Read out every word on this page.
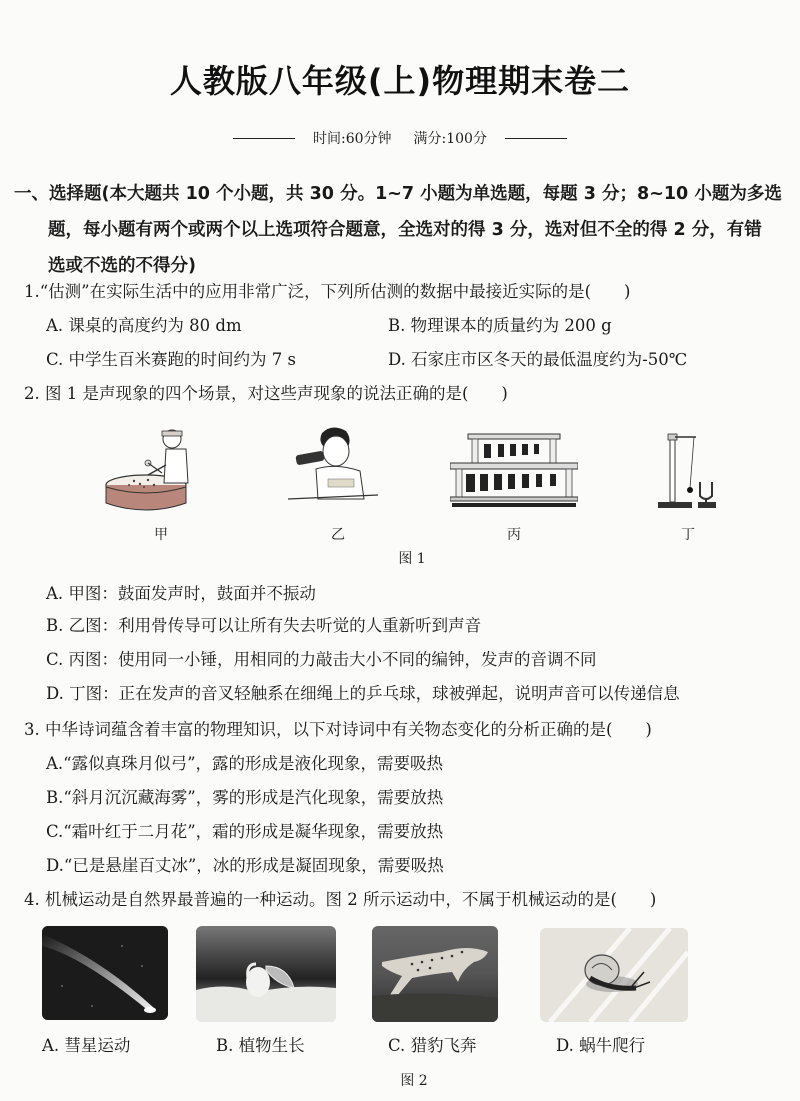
人教版八年级(上)物理期末卷二
时间:60分钟 满分:100分
一、选择题(本大题共 10 个小题，共 30 分。1~7 小题为单选题，每题 3 分；8~10 小题为多选
题，每小题有两个或两个以上选项符合题意，全选对的得 3 分，选对但不全的得 2 分，有错
选或不选的不得分)
1.“估测”在实际生活中的应用非常广泛，下列所估测的数据中最接近实际的是(　　)
A. 课桌的高度约为 80 dm	B. 物理课本的质量约为 200 g
C. 中学生百米赛跑的时间约为 7 s	D. 石家庄市区冬天的最低温度约为-50℃
2. 图 1 是声现象的四个场景，对这些声现象的说法正确的是(　　)
甲	乙	丙	丁
图 1
A. 甲图：鼓面发声时，鼓面并不振动
B. 乙图：利用骨传导可以让所有失去听觉的人重新听到声音
C. 丙图：使用同一小锤，用相同的力敲击大小不同的编钟，发声的音调不同
D. 丁图：正在发声的音叉轻触系在细绳上的乒乓球，球被弹起，说明声音可以传递信息
3. 中华诗词蕴含着丰富的物理知识，以下对诗词中有关物态变化的分析正确的是(　　)
A.“露似真珠月似弓”，露的形成是液化现象，需要吸热
B.“斜月沉沉藏海雾”，雾的形成是汽化现象，需要放热
C.“霜叶红于二月花”，霜的形成是凝华现象，需要放热
D.“已是悬崖百丈冰”，冰的形成是凝固现象，需要吸热
4. 机械运动是自然界最普遍的一种运动。图 2 所示运动中，不属于机械运动的是(　　)
A. 彗星运动	B. 植物生长	C. 猎豹飞奔	D. 蜗牛爬行
图 2
